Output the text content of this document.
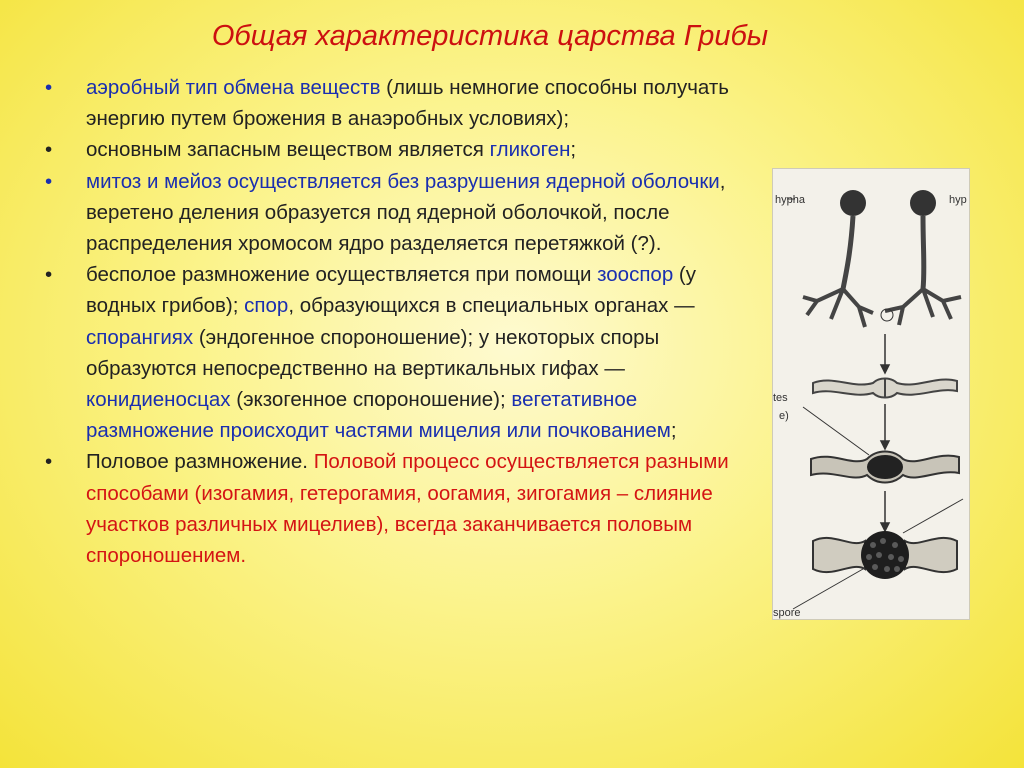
Общая характеристика царства Грибы
•	аэробный тип обмена веществ (лишь немногие способны получать энергию путем брожения в анаэробных условиях);
•	основным запасным веществом является гликоген;
•	митоз и мейоз осуществляется без разрушения ядерной оболочки, веретено деления образуется под ядерной оболочкой, после распределения хромосом ядро разделяется перетяжкой (?).
•	бесполое размножение осуществляется при помощи зооспор (у водных грибов); спор, образующихся в специальных органах — спорангиях (эндогенное спороношение); у некоторых споры образуются непосредственно на вертикальных гифах — конидиеносцах (экзогенное спороношение); вегетативное размножение происходит частями мицелия или почкованием;
•	Половое размножение. Половой процесс осуществляется разными способами (изогамия, гетерогамия, оогамия, зигогамия – слияние участков различных мицелиев), всегда заканчивается половым спороношением.
hypha	hyp
tes
e)
spore
